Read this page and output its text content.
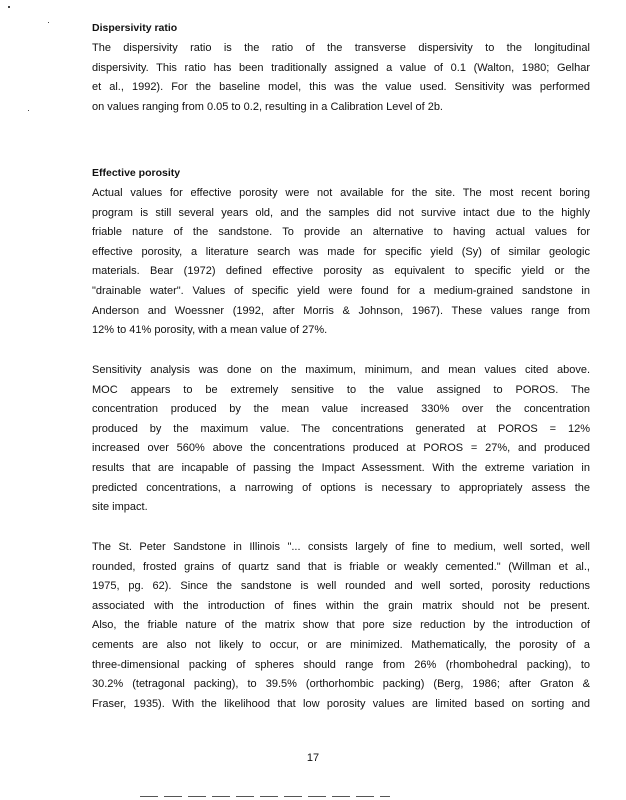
Dispersivity ratio
The dispersivity ratio is the ratio of the transverse dispersivity to the longitudinal
dispersivity. This ratio has been traditionally assigned a value of 0.1 (Walton, 1980; Gelhar
et al., 1992). For the baseline model, this was the value used. Sensitivity was performed
on values ranging from 0.05 to 0.2, resulting in a Calibration Level of 2b.
Effective porosity
Actual values for effective porosity were not available for the site. The most recent boring
program is still several years old, and the samples did not survive intact due to the highly
friable nature of the sandstone. To provide an alternative to having actual values for
effective porosity, a literature search was made for specific yield (Sy) of similar geologic
materials. Bear (1972) defined effective porosity as equivalent to specific yield or the
"drainable water". Values of specific yield were found for a medium-grained sandstone in
Anderson and Woessner (1992, after Morris & Johnson, 1967). These values range from
12% to 41% porosity, with a mean value of 27%.
Sensitivity analysis was done on the maximum, minimum, and mean values cited above.
MOC appears to be extremely sensitive to the value assigned to POROS. The
concentration produced by the mean value increased 330% over the concentration
produced by the maximum value. The concentrations generated at POROS = 12%
increased over 560% above the concentrations produced at POROS = 27%, and produced
results that are incapable of passing the Impact Assessment. With the extreme variation in
predicted concentrations, a narrowing of options is necessary to appropriately assess the
site impact.
The St. Peter Sandstone in Illinois "... consists largely of fine to medium, well sorted, well
rounded, frosted grains of quartz sand that is friable or weakly cemented." (Willman et al.,
1975, pg. 62). Since the sandstone is well rounded and well sorted, porosity reductions
associated with the introduction of fines within the grain matrix should not be present.
Also, the friable nature of the matrix show that pore size reduction by the introduction of
cements are also not likely to occur, or are minimized. Mathematically, the porosity of a
three-dimensional packing of spheres should range from 26% (rhombohedral packing), to
30.2% (tetragonal packing), to 39.5% (orthorhombic packing) (Berg, 1986; after Graton &
Fraser, 1935). With the likelihood that low porosity values are limited based on sorting and
17
